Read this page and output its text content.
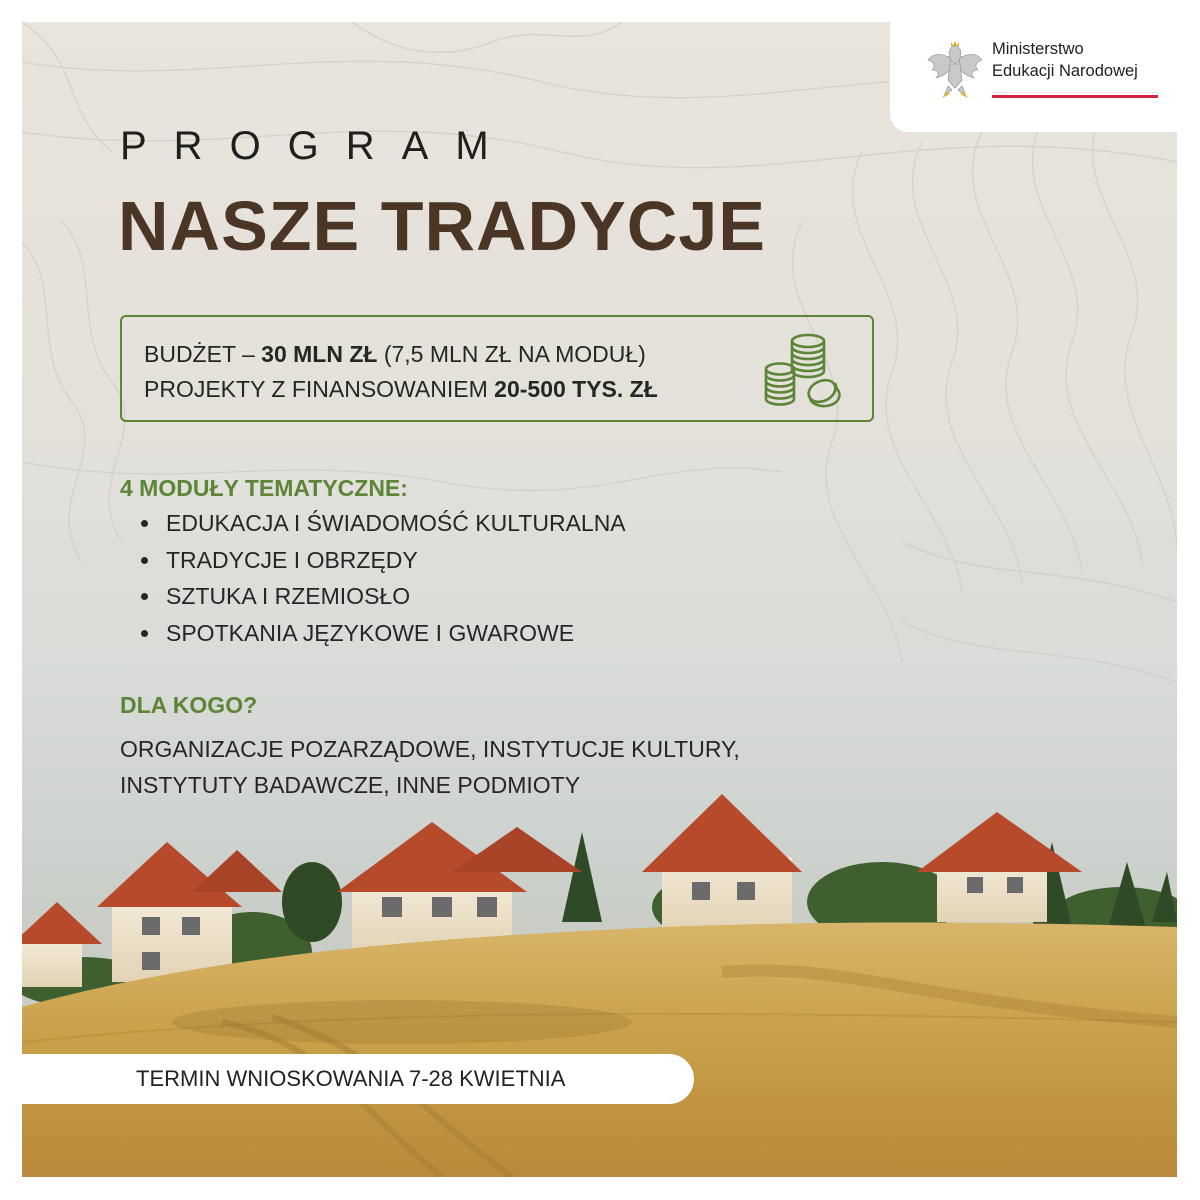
Ministerstwo
Edukacji Narodowej
PROGRAM
NASZE TRADYCJE
BUDŻET – 30 MLN ZŁ (7,5 MLN ZŁ NA MODUŁ)
PROJEKTY Z FINANSOWANIEM 20-500 TYS. ZŁ
4 MODUŁY TEMATYCZNE:
EDUKACJA I ŚWIADOMOŚĆ KULTURALNA
TRADYCJE I OBRZĘDY
SZTUKA I RZEMIOSŁO
SPOTKANIA JĘZYKOWE I GWAROWE
DLA KOGO?
ORGANIZACJE POZARZĄDOWE, INSTYTUCJE KULTURY,
INSTYTUTY BADAWCZE, INNE PODMIOTY
TERMIN WNIOSKOWANIA 7-28 KWIETNIA
